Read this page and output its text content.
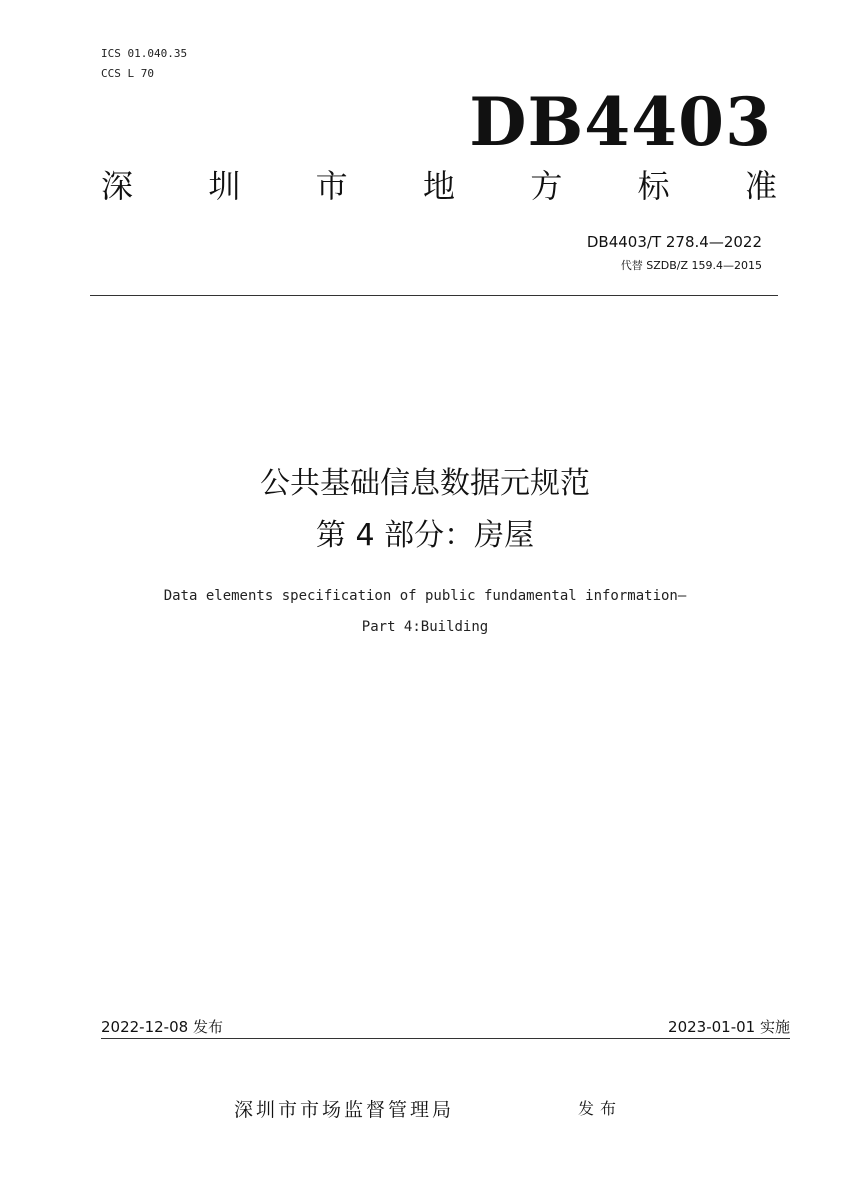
ICS 01.040.35
CCS L 70
DB4403
深 圳 市 地 方 标 准
DB4403/T 278.4—2022
代替 SZDB/Z 159.4—2015
公共基础信息数据元规范
第 4 部分：房屋
Data elements specification of public fundamental information—
Part 4:Building
2022-12-08 发布	2023-01-01 实施
深圳市市场监督管理局	发布
